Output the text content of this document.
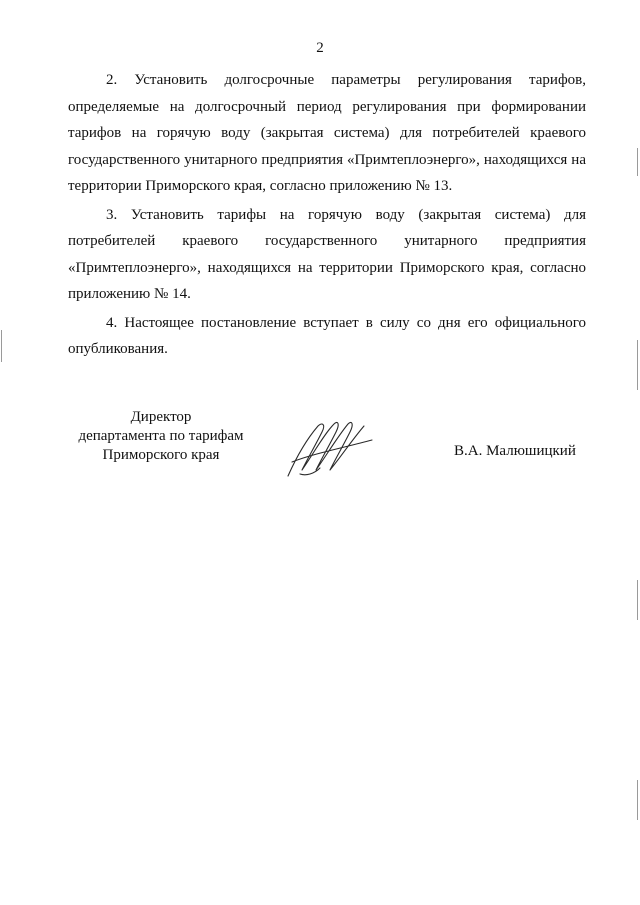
2

2. Установить долгосрочные параметры регулирования тарифов, определяемые на долгосрочный период регулирования при формировании тарифов на горячую воду (закрытая система) для потребителей краевого государственного унитарного предприятия «Примтеплоэнерго», находящихся на территории Приморского края, согласно приложению № 13.

3. Установить тарифы на горячую воду (закрытая система) для потребителей краевого государственного унитарного предприятия «Примтеплоэнерго», находящихся на территории Приморского края, согласно приложению № 14.

4. Настоящее постановление вступает в силу со дня его официального опубликования.

Директор
департамента по тарифам
Приморского края	В.А. Малюшицкий
